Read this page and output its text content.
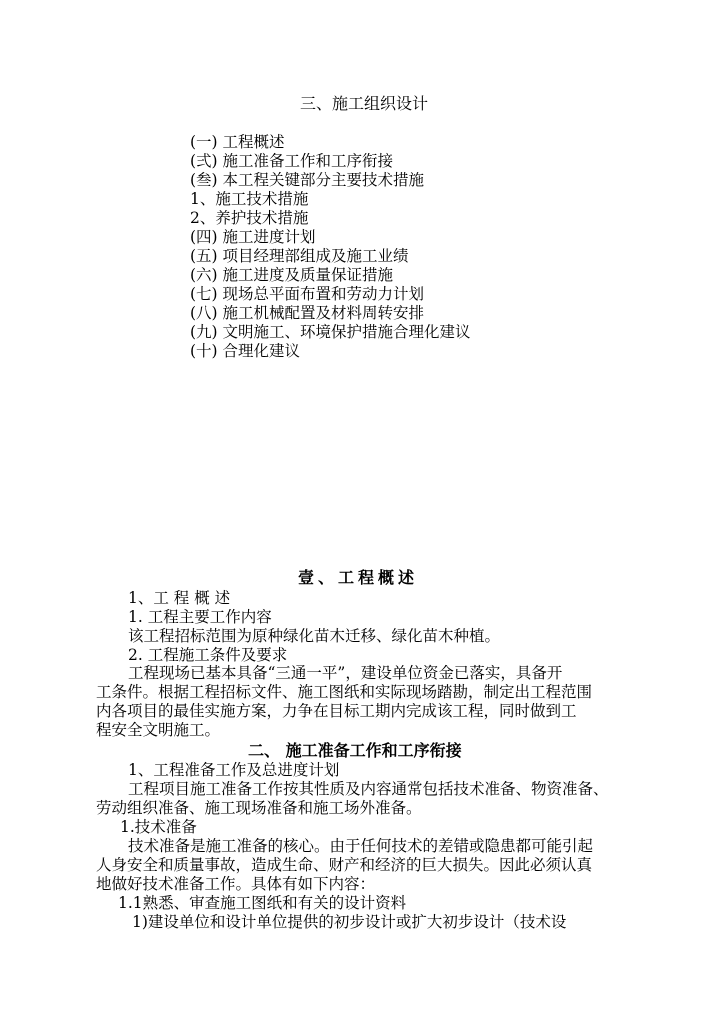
三、施工组织设计
(一) 工程概述
(弍) 施工准备工作和工序衔接
(叁) 本工程关键部分主要技术措施
1、施工技术措施
2、养护技术措施
(四) 施工进度计划
(五) 项目经理部组成及施工业绩
(六) 施工进度及质量保证措施
(七) 现场总平面布置和劳动力计划
(八) 施工机械配置及材料周转安排
(九) 文明施工、环境保护措施合理化建议
(十) 合理化建议
壹、工程概述
1、工 程 概 述
1. 工程主要工作内容
该工程招标范围为原种绿化苗木迁移、绿化苗木种植。
2. 工程施工条件及要求
工程现场已基本具备“三通一平”，建设单位资金已落实，具备开
工条件。根据工程招标文件、施工图纸和实际现场踏勘，制定出工程范围
内各项目的最佳实施方案，力争在目标工期内完成该工程，同时做到工
程安全文明施工。
二、 施工准备工作和工序衔接
1、工程准备工作及总进度计划
工程项目施工准备工作按其性质及内容通常包括技术准备、物资准备、
劳动组织准备、施工现场准备和施工场外准备。
1.技术准备
技术准备是施工准备的核心。由于任何技术的差错或隐患都可能引起
人身安全和质量事故，造成生命、财产和经济的巨大损失。因此必须认真
地做好技术准备工作。具体有如下内容：
1.1熟悉、审查施工图纸和有关的设计资料
1)建设单位和设计单位提供的初步设计或扩大初步设计（技术设
